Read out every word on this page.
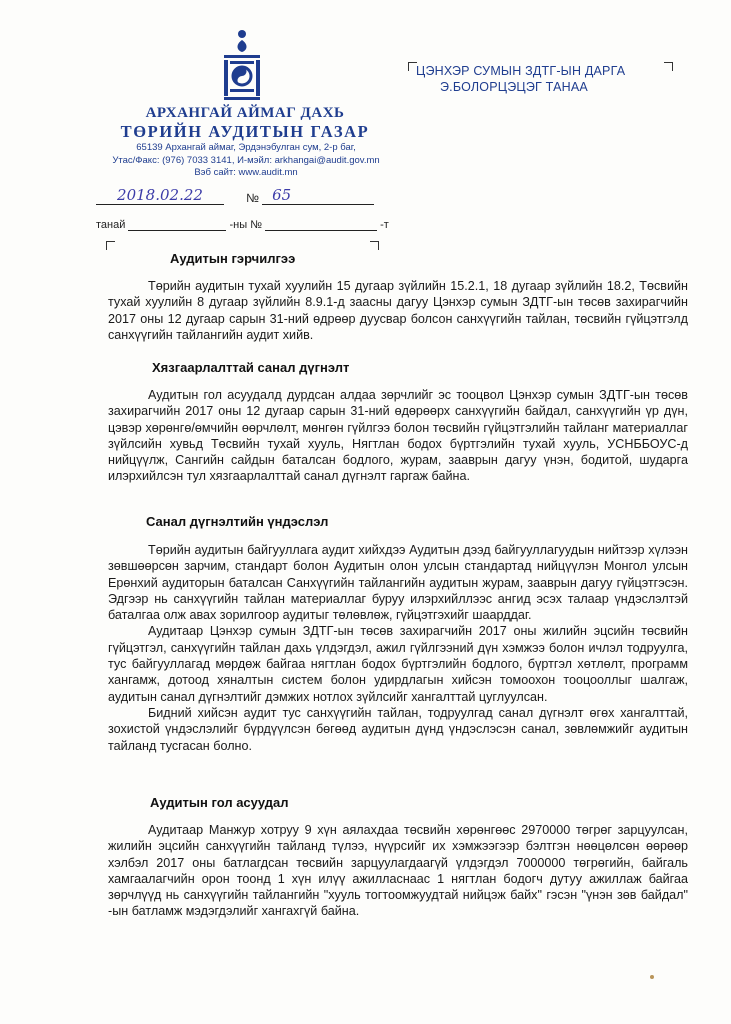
АРХАНГАЙ АЙМАГ ДАХЬ
ТӨРИЙН АУДИТЫН ГАЗАР
65139 Архангай аймаг, Эрдэнэбулган сум, 2-р баг,
Утас/Факс: (976) 7033 3141, И-мэйл: arkhangai@audit.gov.mn
Вэб сайт: www.audit.mn
ЦЭНХЭР СУМЫН ЗДТГ-ЫН ДАРГА
Э.БОЛОРЦЭЦЭГ ТАНАА
2018.02.22	№ 65
танай	-ны №	-т
Аудитын гэрчилгээ

Төрийн аудитын тухай хуулийн 15 дугаар зүйлийн 15.2.1, 18 дугаар зүйлийн 18.2, Төсвийн тухай хуулийн 8 дугаар зүйлийн 8.9.1-д заасны дагуу Цэнхэр сумын ЗДТГ-ын төсөв захирагчийн 2017 оны 12 дугаар сарын 31-ний өдрөөр дуусвар болсон санхүүгийн тайлан, төсвийн гүйцэтгэлд санхүүгийн тайлангийн аудит хийв.

Хязгаарлалттай санал дүгнэлт

Аудитын гол асуудалд дурдсан алдаа зөрчлийг эс тооцвол Цэнхэр сумын ЗДТГ-ын төсөв захирагчийн 2017 оны 12 дугаар сарын 31-ний өдөрөөрх санхүүгийн байдал, санхүүгийн үр дүн, цэвэр хөрөнгө/өмчийн өөрчлөлт, мөнгөн гүйлгээ болон төсвийн гүйцэтгэлийн тайланг материаллаг зүйлсийн хувьд Төсвийн тухай хууль, Нягтлан бодох бүртгэлийн тухай хууль, УСНББОУС-д нийцүүлж, Сангийн сайдын баталсан бодлого, журам, зааврын дагуу үнэн, бодитой, шударга илэрхийлсэн тул хязгаарлалттай санал дүгнэлт гаргаж байна.

Санал дүгнэлтийн үндэслэл

Төрийн аудитын байгууллага аудит хийхдээ Аудитын дээд байгууллагуудын нийтээр хүлээн зөвшөөрсөн зарчим, стандарт болон Аудитын олон улсын стандартад нийцүүлэн Монгол улсын Ерөнхий аудиторын баталсан Санхүүгийн тайлангийн аудитын журам, зааврын дагуу гүйцэтгэсэн. Эдгээр нь санхүүгийн тайлан материаллаг буруу илэрхийллээс ангид эсэх талаар үндэслэлтэй баталгаа олж авах зорилгоор аудитыг төлөвлөж, гүйцэтгэхийг шаарддаг.

Аудитаар Цэнхэр сумын ЗДТГ-ын төсөв захирагчийн 2017 оны жилийн эцсийн төсвийн гүйцэтгэл, санхүүгийн тайлан дахь үлдэгдэл, ажил гүйлгээний дүн хэмжээ болон ичлэл тодруулга, тус байгууллагад мөрдөж байгаа нягтлан бодох бүртгэлийн бодлого, бүртгэл хөтлөлт, программ хангамж, дотоод хяналтын систем болон удирдлагын хийсэн томоохон тооцооллыг шалгаж, аудитын санал дүгнэлтийг дэмжих нотлох зүйлсийг хангалттай цуглуулсан.

Бидний хийсэн аудит тус санхүүгийн тайлан, тодруулгад санал дүгнэлт өгөх хангалттай, зохистой үндэслэлийг бүрдүүлсэн бөгөөд аудитын дүнд үндэслэсэн санал, зөвлөмжийг аудитын тайланд тусгасан болно.

Аудитын гол асуудал

Аудитаар Манжур хотруу 9 хүн аялахдаа төсвийн хөрөнгөөс 2970000 төгрөг зарцуулсан, жилийн эцсийн санхүүгийн тайланд түлээ, нүүрсийг их хэмжээгээр бэлтгэн нөөцөлсөн өөрөөр хэлбэл 2017 оны батлагдсан төсвийн зарцуулагдаагүй үлдэгдэл 7000000 төгрөгийн, байгаль хамгаалагчийн орон тоонд 1 хүн илүү ажилласнаас 1 нягтлан бодогч дутуу ажиллаж байгаа зөрчлүүд нь санхүүгийн тайлангийн "хууль тогтоомжуудтай нийцэж байх" гэсэн "үнэн зөв байдал" -ын батламж мэдэгдэлийг хангахгүй байна.
